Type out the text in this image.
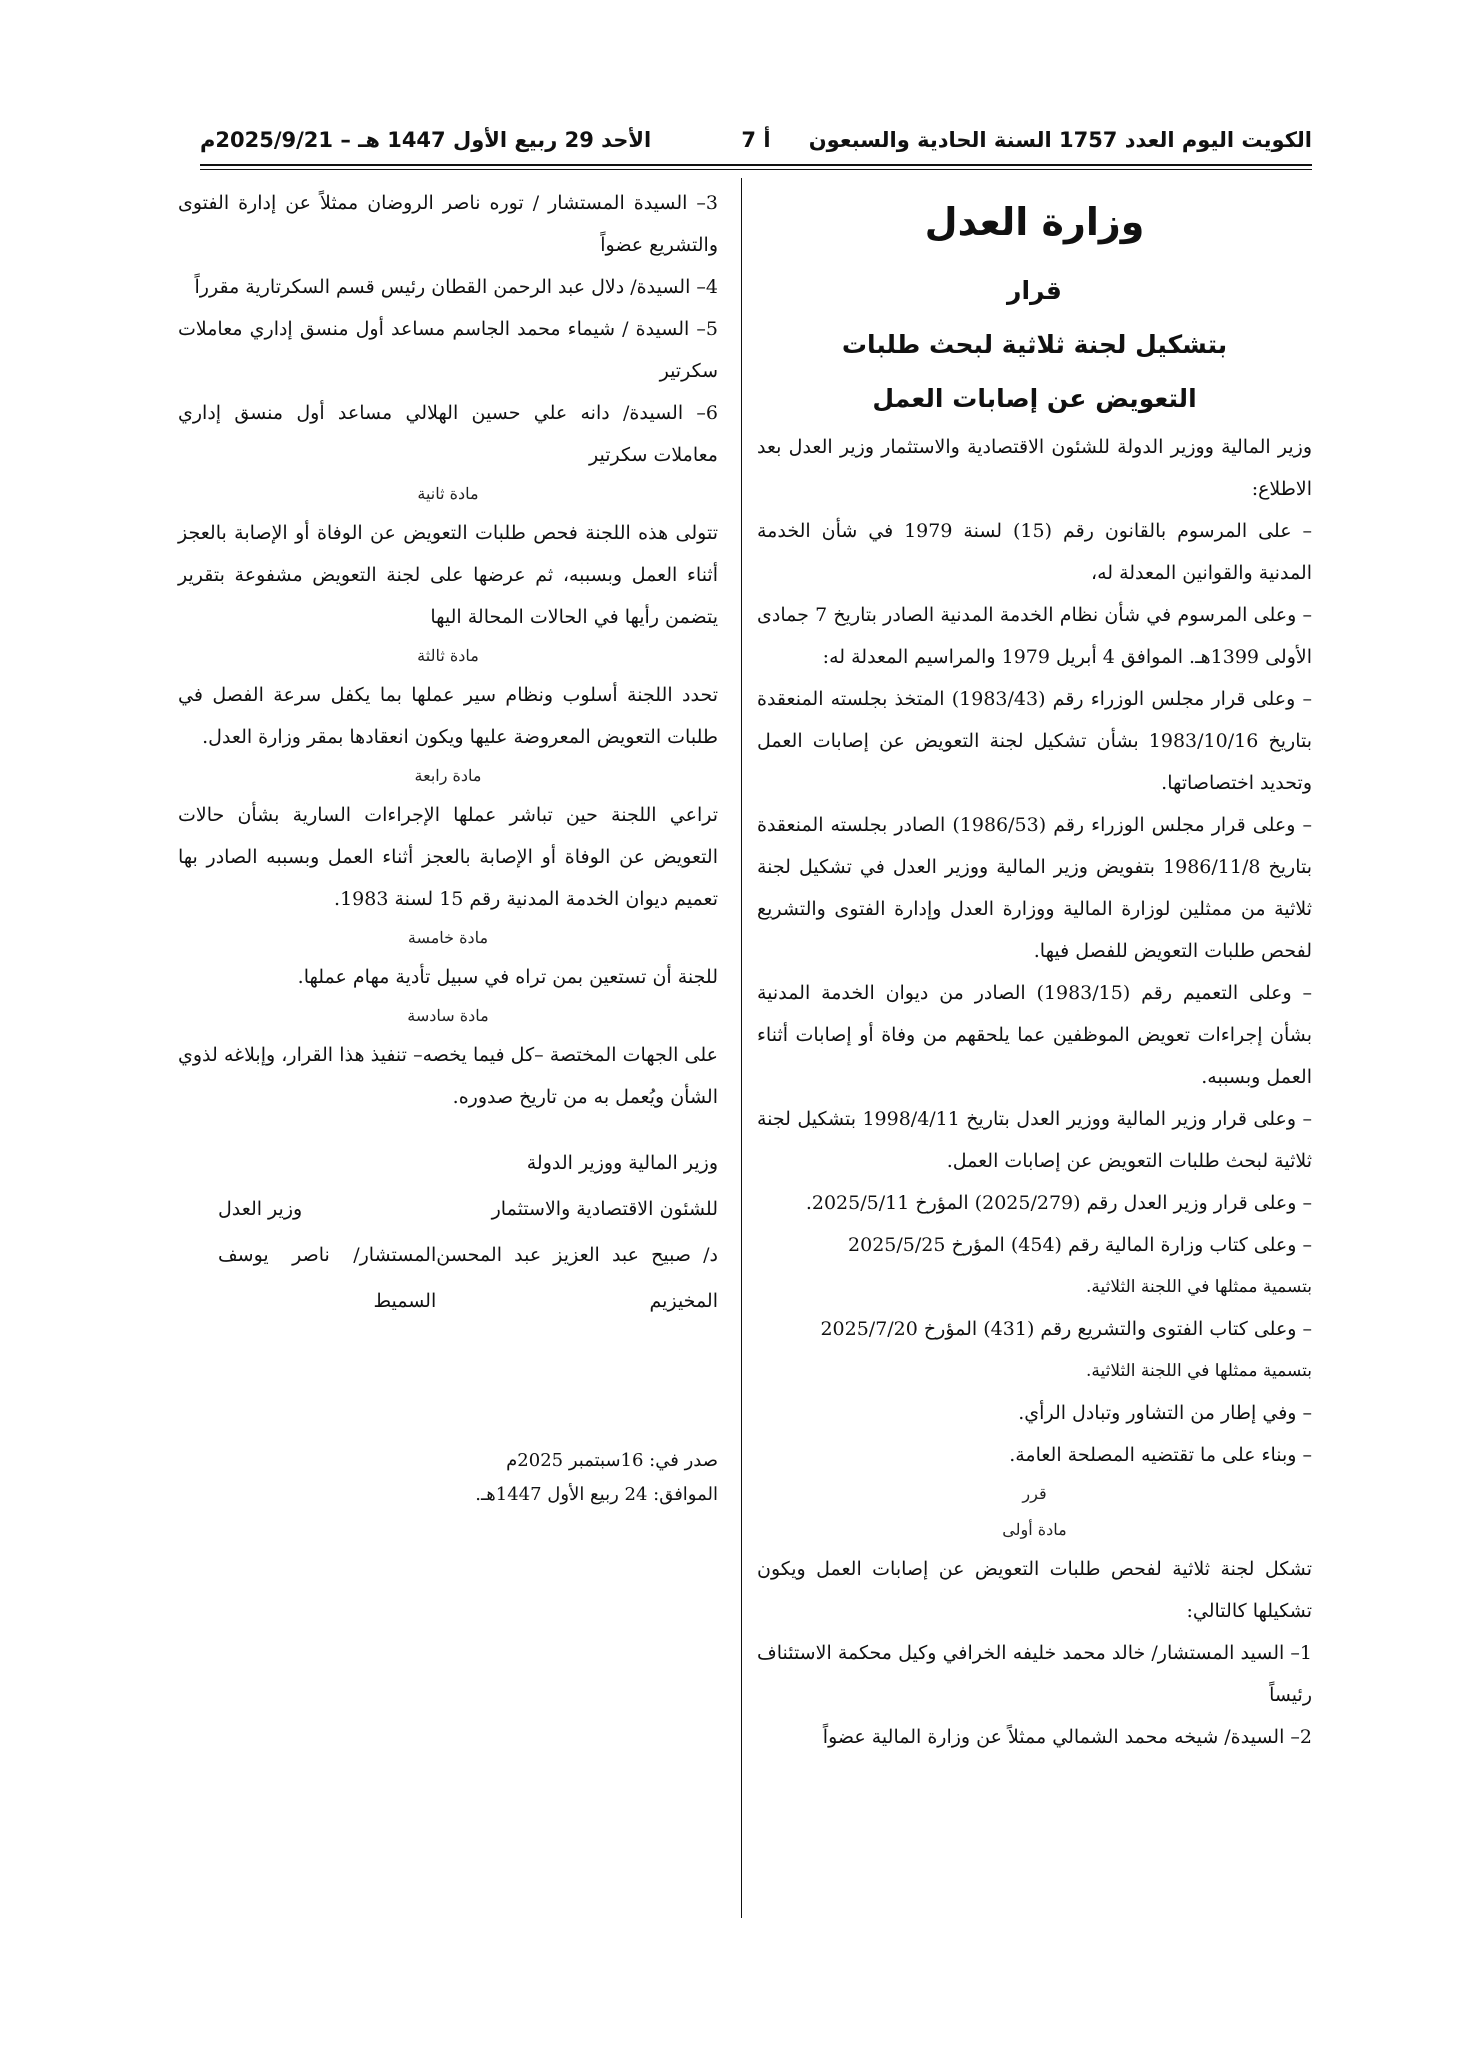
الكويت اليوم العدد 1757 السنة الحادية والسبعون
أ 7
الأحد 29 ربيع الأول 1447 هـ – 2025/9/21م
وزارة العدل
قرار
بتشكيل لجنة ثلاثية لبحث طلبات
التعويض عن إصابات العمل

وزير المالية ووزير الدولة للشئون الاقتصادية والاستثمار وزير العدل بعد الاطلاع:

– على المرسوم بالقانون رقم (15) لسنة 1979 في شأن الخدمة المدنية والقوانين المعدلة له،

– وعلى المرسوم في شأن نظام الخدمة المدنية الصادر بتاريخ 7 جمادى الأولى 1399هـ. الموافق 4 أبريل 1979 والمراسيم المعدلة له:

– وعلى قرار مجلس الوزراء رقم (1983/43) المتخذ بجلسته المنعقدة بتاريخ 1983/10/16 بشأن تشكيل لجنة التعويض عن إصابات العمل وتحديد اختصاصاتها.

– وعلى قرار مجلس الوزراء رقم (1986/53) الصادر بجلسته المنعقدة بتاريخ 1986/11/8 بتفويض وزير المالية ووزير العدل في تشكيل لجنة ثلاثية من ممثلين لوزارة المالية ووزارة العدل وإدارة الفتوى والتشريع لفحص طلبات التعويض للفصل فيها.

– وعلى التعميم رقم (1983/15) الصادر من ديوان الخدمة المدنية بشأن إجراءات تعويض الموظفين عما يلحقهم من وفاة أو إصابات أثناء العمل وبسببه.

– وعلى قرار وزير المالية ووزير العدل بتاريخ 1998/4/11 بتشكيل لجنة ثلاثية لبحث طلبات التعويض عن إصابات العمل.

– وعلى قرار وزير العدل رقم (2025/279) المؤرخ 2025/5/11.

– وعلى كتاب وزارة المالية رقم (454) المؤرخ 2025/5/25

بتسمية ممثلها في اللجنة الثلاثية.

– وعلى كتاب الفتوى والتشريع رقم (431) المؤرخ 2025/7/20

بتسمية ممثلها في اللجنة الثلاثية.

– وفي إطار من التشاور وتبادل الرأي.

– وبناء على ما تقتضيه المصلحة العامة.

قرر
مادة أولى

تشكل لجنة ثلاثية لفحص طلبات التعويض عن إصابات العمل ويكون تشكيلها كالتالي:

1– السيد المستشار/ خالد محمد خليفه الخرافي وكيل محكمة الاستئناف رئيساً

2– السيدة/ شيخه محمد الشمالي ممثلاً عن وزارة المالية عضواً

3– السيدة المستشار / توره ناصر الروضان ممثلاً عن إدارة الفتوى والتشريع عضواً

4– السيدة/ دلال عبد الرحمن القطان رئيس قسم السكرتارية مقرراً

5– السيدة / شيماء محمد الجاسم مساعد أول منسق إداري معاملات سكرتير

6– السيدة/ دانه علي حسين الهلالي مساعد أول منسق إداري معاملات سكرتير

مادة ثانية

تتولى هذه اللجنة فحص طلبات التعويض عن الوفاة أو الإصابة بالعجز أثناء العمل وبسببه، ثم عرضها على لجنة التعويض مشفوعة بتقرير يتضمن رأيها في الحالات المحالة اليها

مادة ثالثة

تحدد اللجنة أسلوب ونظام سير عملها بما يكفل سرعة الفصل في طلبات التعويض المعروضة عليها ويكون انعقادها بمقر وزارة العدل.

مادة رابعة

تراعي اللجنة حين تباشر عملها الإجراءات السارية بشأن حالات التعويض عن الوفاة أو الإصابة بالعجز أثناء العمل وبسببه الصادر بها تعميم ديوان الخدمة المدنية رقم 15 لسنة 1983.

مادة خامسة

للجنة أن تستعين بمن تراه في سبيل تأدية مهام عملها.

مادة سادسة

على الجهات المختصة –كل فيما يخصه– تنفيذ هذا القرار، وإبلاغه لذوي الشأن ويُعمل به من تاريخ صدوره.

وزير المالية ووزير الدولة
للشئون الاقتصادية والاستثمار
وزير العدل
د/ صبيح عبد العزيز عبد المحسن المخيزيم
المستشار/ ناصر يوسف السميط
صدر في: 16سبتمبر 2025م
الموافق: 24 ربيع الأول 1447هـ.
